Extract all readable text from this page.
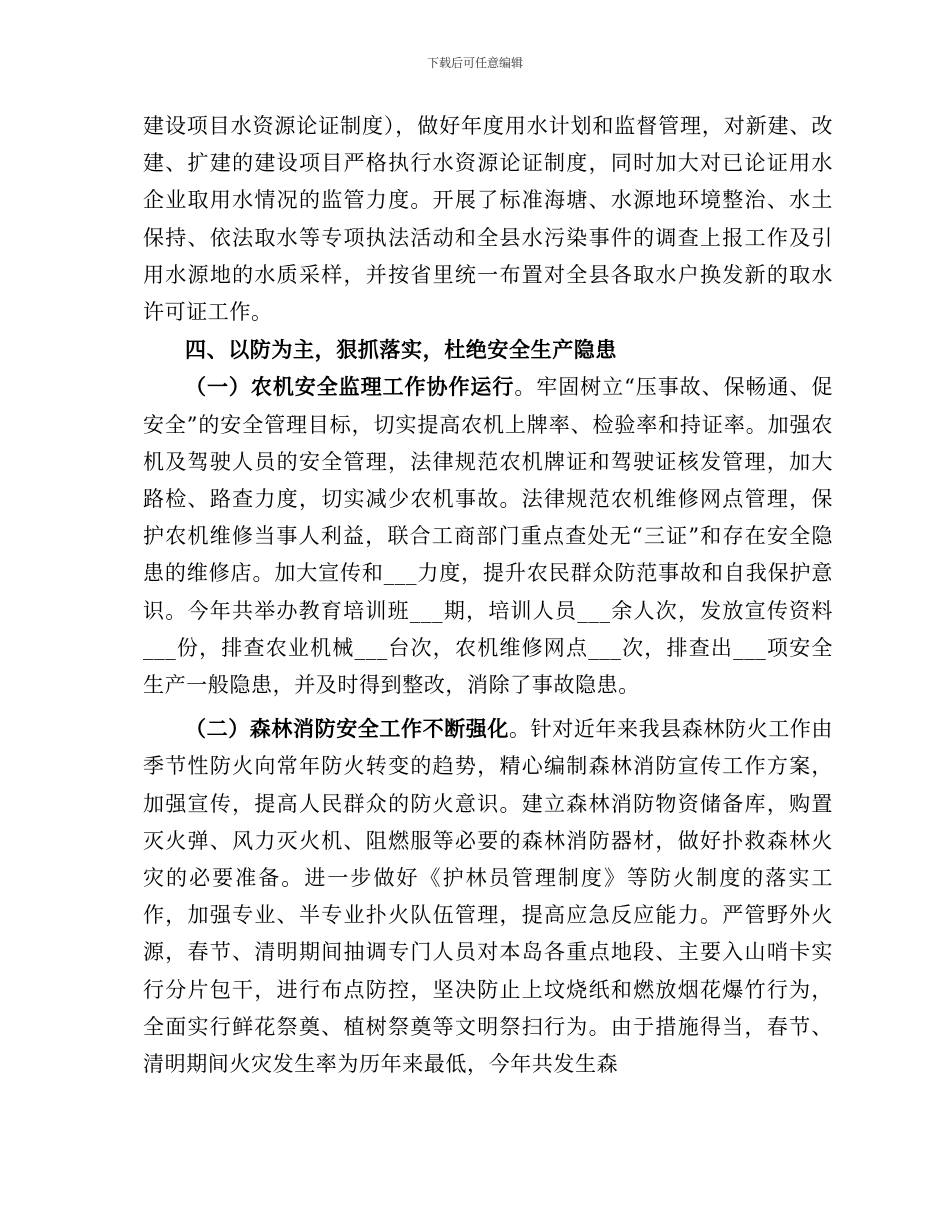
下载后可任意编辑

建设项目水资源论证制度），做好年度用水计划和监督管理，对新建、改建、扩建的建设项目严格执行水资源论证制度，同时加大对已论证用水企业取用水情况的监管力度。开展了标准海塘、水源地环境整治、水土保持、依法取水等专项执法活动和全县水污染事件的调查上报工作及引用水源地的水质采样，并按省里统一布置对全县各取水户换发新的取水许可证工作。

四、以防为主，狠抓落实，杜绝安全生产隐患

（一）农机安全监理工作协作运行。牢固树立“压事故、保畅通、促安全”的安全管理目标，切实提高农机上牌率、检验率和持证率。加强农机及驾驶人员的安全管理，法律规范农机牌证和驾驶证核发管理，加大路检、路查力度，切实减少农机事故。法律规范农机维修网点管理，保护农机维修当事人利益，联合工商部门重点查处无“三证”和存在安全隐患的维修店。加大宣传和___力度，提升农民群众防范事故和自我保护意识。今年共举办教育培训班___期，培训人员___余人次，发放宣传资料___份，排查农业机械___台次，农机维修网点___次，排查出___项安全生产一般隐患，并及时得到整改，消除了事故隐患。

（二）森林消防安全工作不断强化。针对近年来我县森林防火工作由季节性防火向常年防火转变的趋势，精心编制森林消防宣传工作方案，加强宣传，提高人民群众的防火意识。建立森林消防物资储备库，购置灭火弹、风力灭火机、阻燃服等必要的森林消防器材，做好扑救森林火灾的必要准备。进一步做好《护林员管理制度》等防火制度的落实工作，加强专业、半专业扑火队伍管理，提高应急反应能力。严管野外火源，春节、清明期间抽调专门人员对本岛各重点地段、主要入山哨卡实行分片包干，进行布点防控，坚决防止上坟烧纸和燃放烟花爆竹行为，全面实行鲜花祭奠、植树祭奠等文明祭扫行为。由于措施得当，春节、清明期间火灾发生率为历年来最低，今年共发生森
